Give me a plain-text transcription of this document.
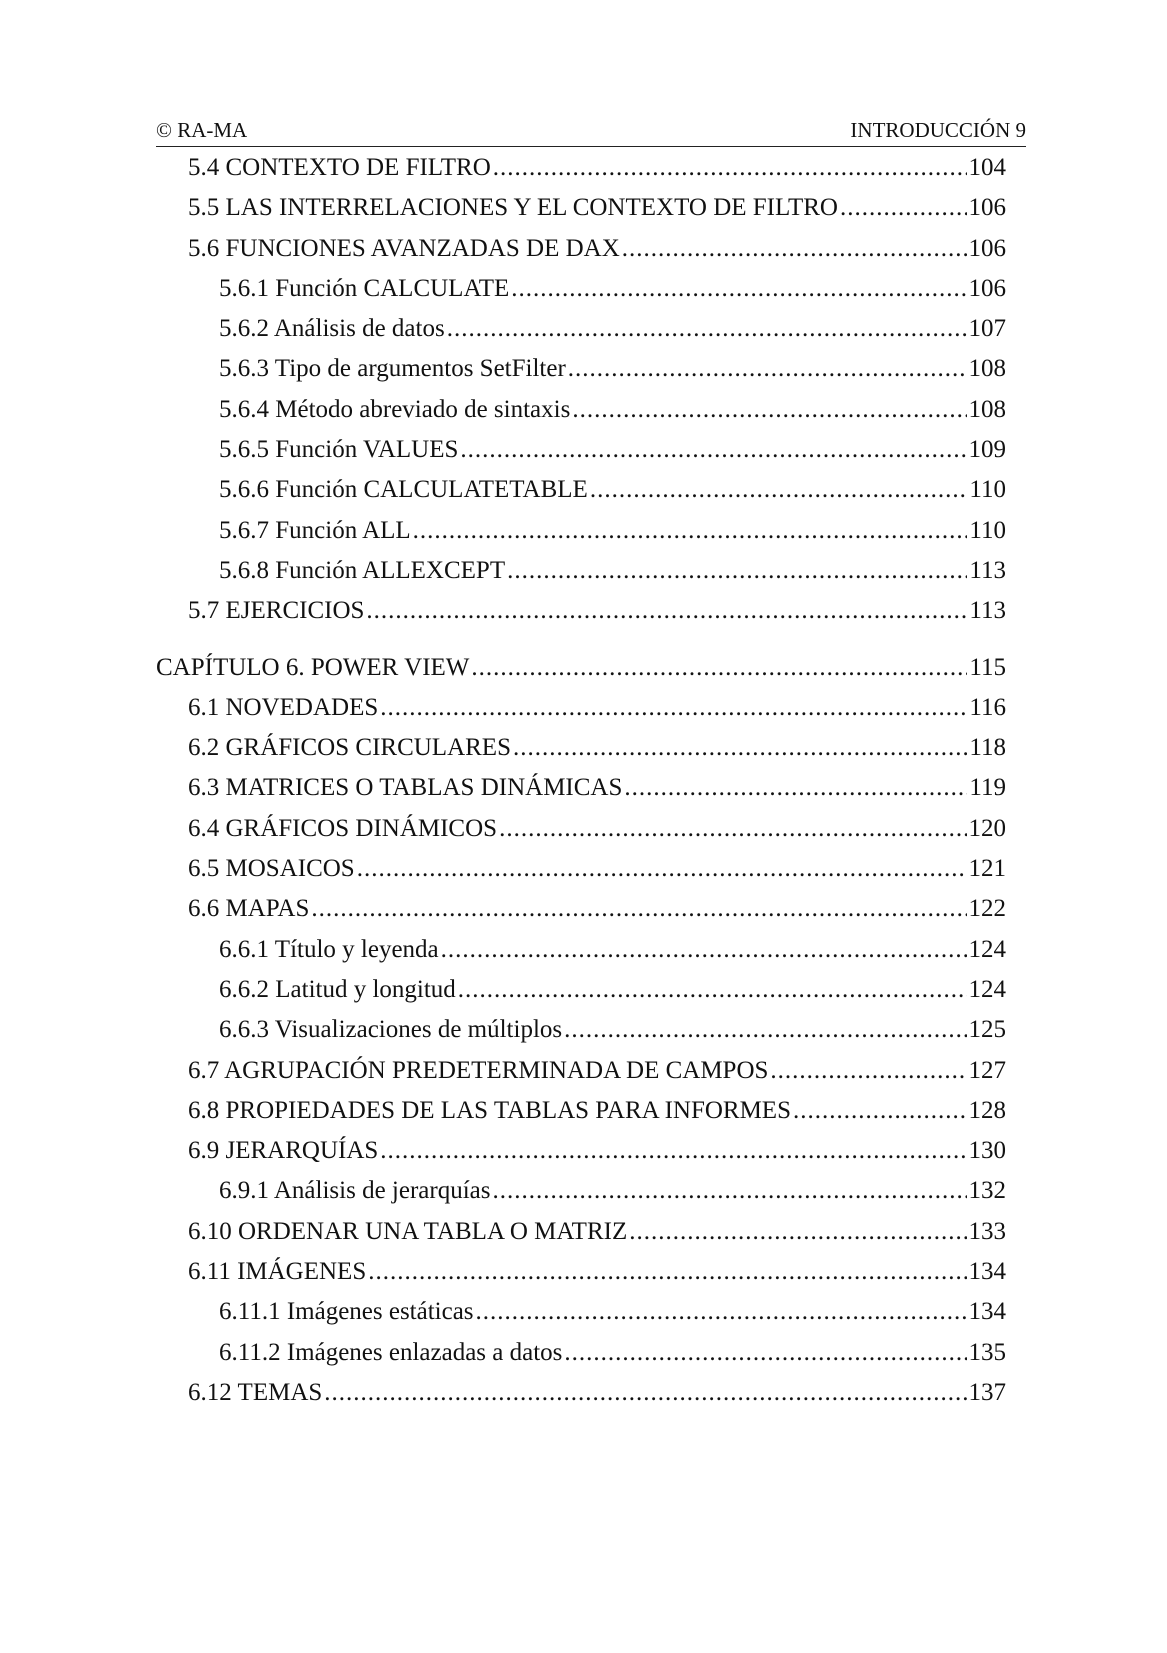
© RA-MA	INTRODUCCIÓN 9
5.4 CONTEXTO DE FILTRO .....	104
5.5 LAS INTERRELACIONES Y EL CONTEXTO DE FILTRO .....	106
5.6 FUNCIONES AVANZADAS DE DAX .....	106
5.6.1 Función CALCULATE .....	106
5.6.2 Análisis de datos .....	107
5.6.3 Tipo de argumentos SetFilter .....	108
5.6.4 Método abreviado de sintaxis .....	108
5.6.5 Función VALUES .....	109
5.6.6 Función CALCULATETABLE .....	110
5.6.7 Función ALL .....	110
5.6.8 Función ALLEXCEPT .....	113
5.7 EJERCICIOS .....	113
CAPÍTULO 6. POWER VIEW .....	115
6.1 NOVEDADES .....	116
6.2 GRÁFICOS CIRCULARES .....	118
6.3 MATRICES O TABLAS DINÁMICAS .....	119
6.4 GRÁFICOS DINÁMICOS .....	120
6.5 MOSAICOS .....	121
6.6 MAPAS .....	122
6.6.1 Título y leyenda .....	124
6.6.2 Latitud y longitud .....	124
6.6.3 Visualizaciones de múltiplos .....	125
6.7 AGRUPACIÓN PREDETERMINADA DE CAMPOS .....	127
6.8 PROPIEDADES DE LAS TABLAS PARA INFORMES .....	128
6.9 JERARQUÍAS .....	130
6.9.1 Análisis de jerarquías .....	132
6.10 ORDENAR UNA TABLA O MATRIZ .....	133
6.11 IMÁGENES .....	134
6.11.1 Imágenes estáticas .....	134
6.11.2 Imágenes enlazadas a datos .....	135
6.12 TEMAS .....	137
